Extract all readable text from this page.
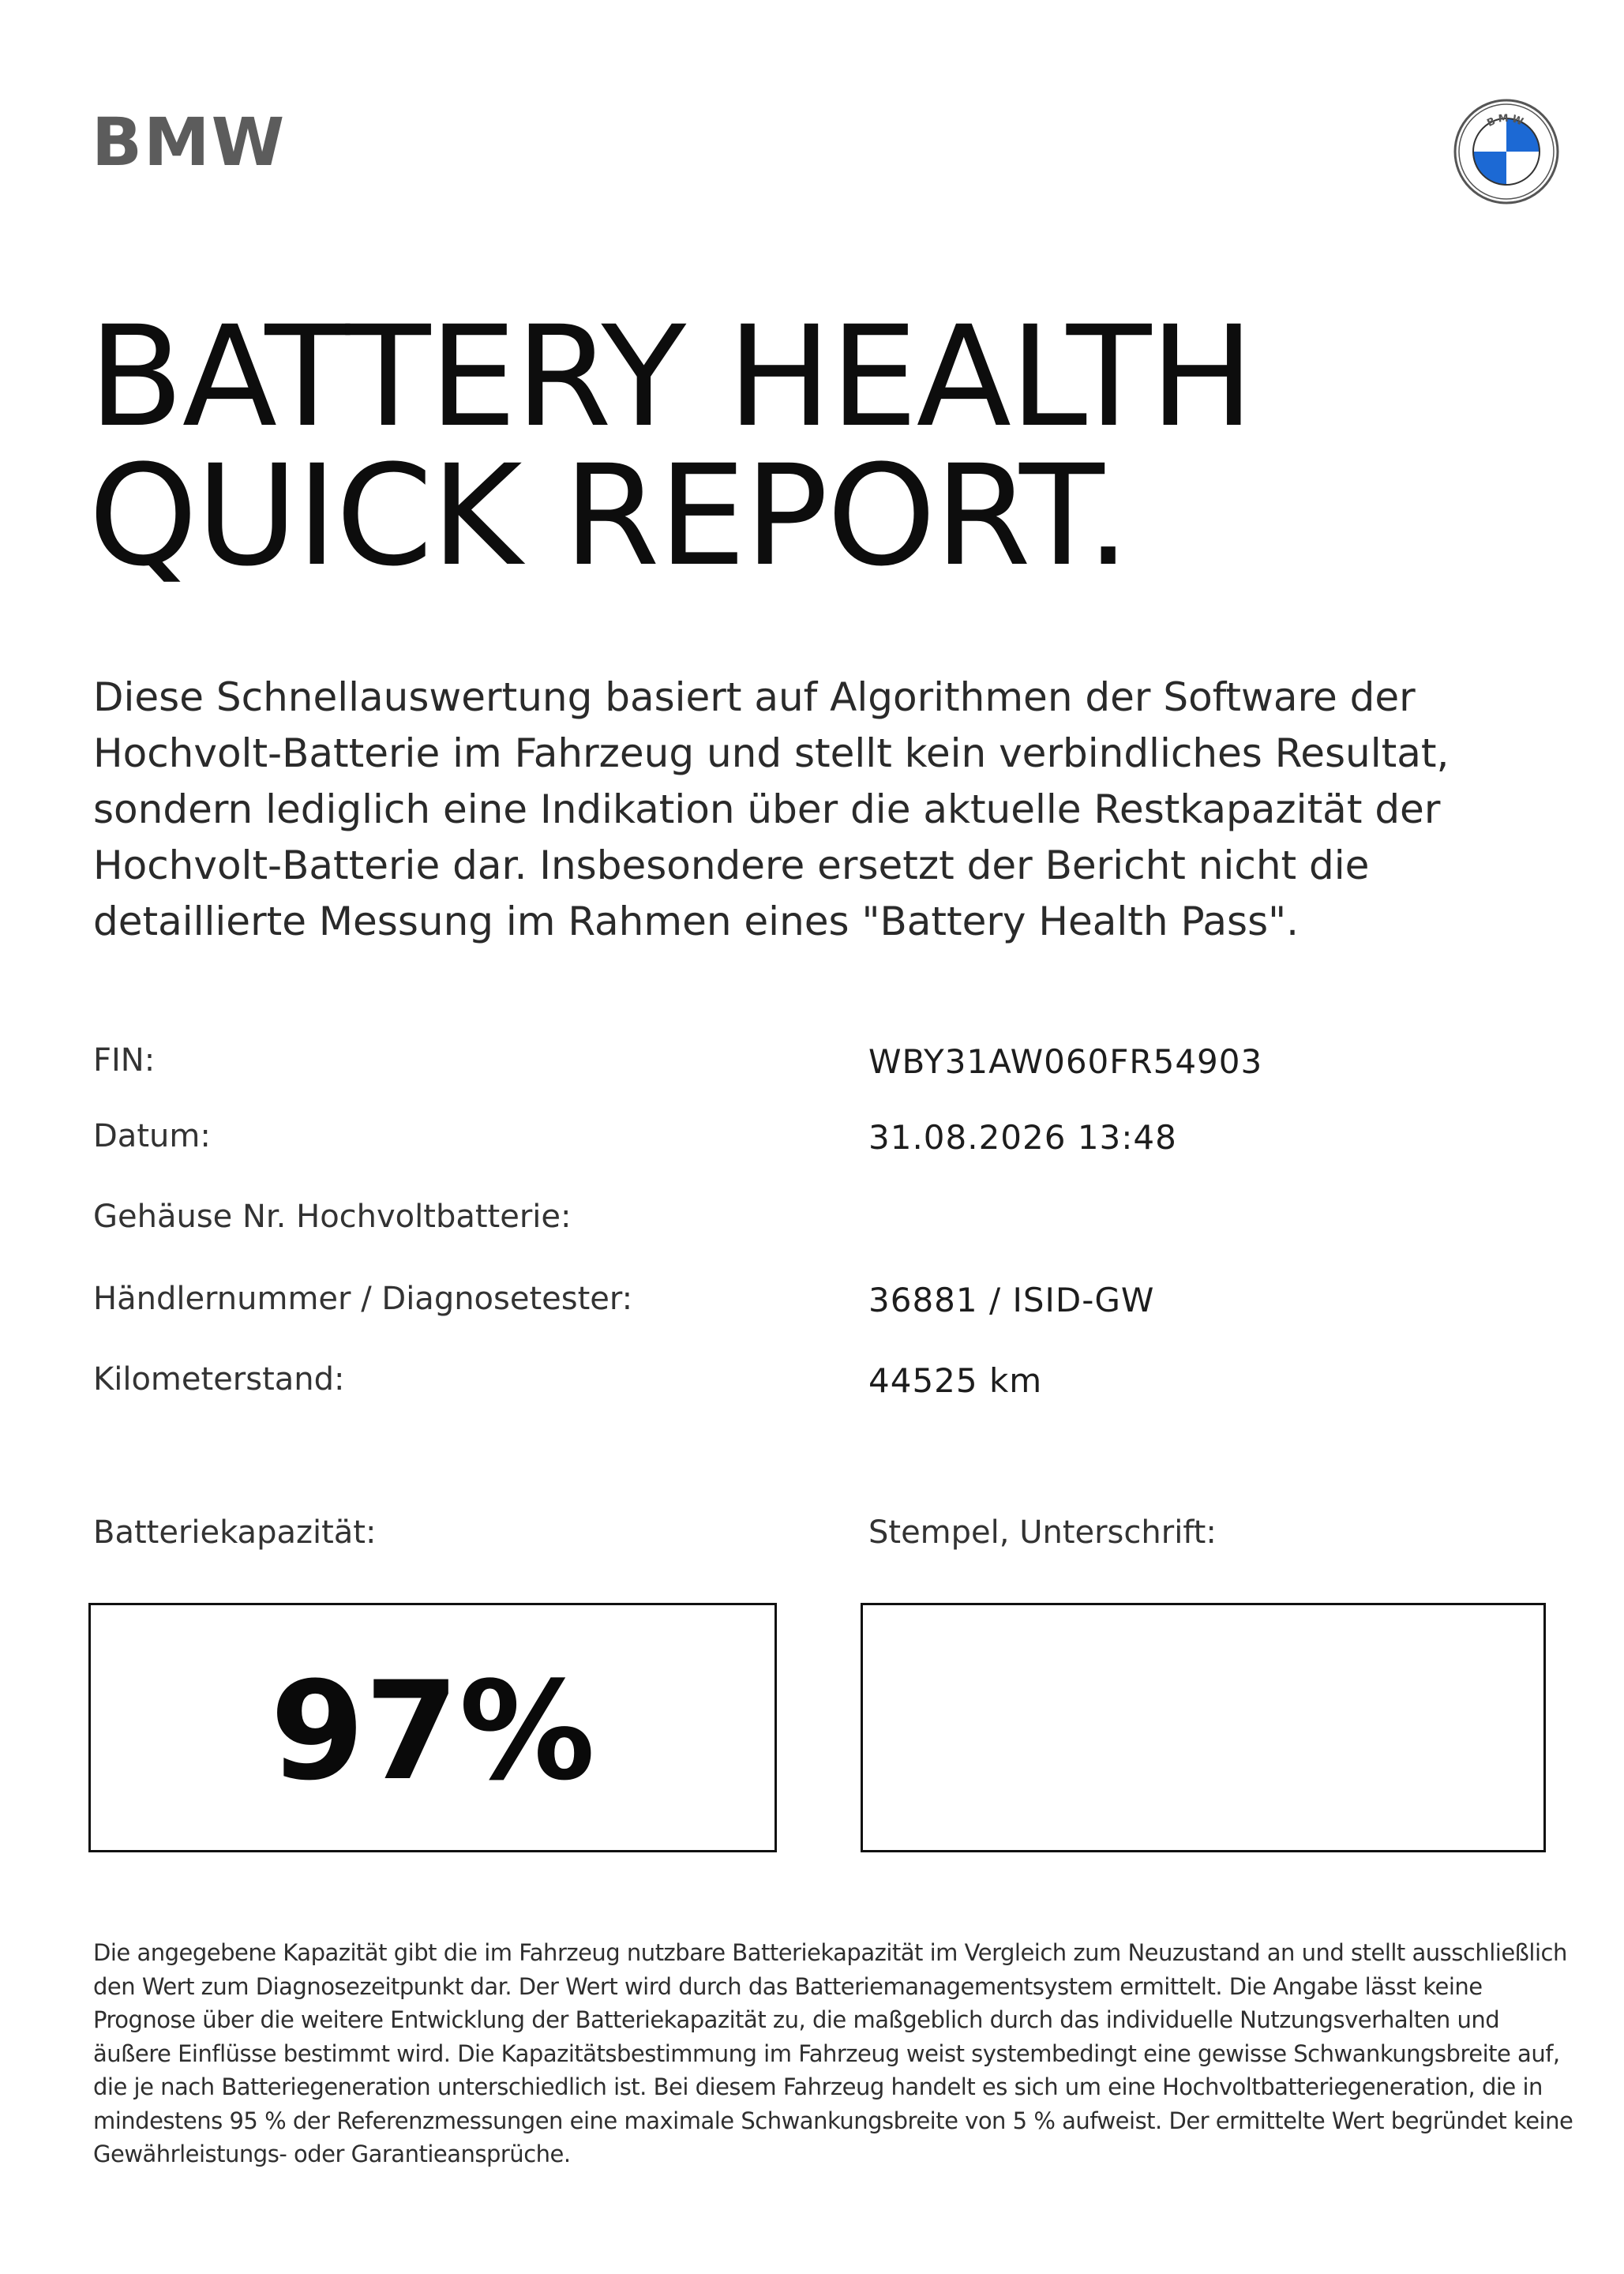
BMW	BMW
BATTERY HEALTH
QUICK REPORT.

Diese Schnellauswertung basiert auf Algorithmen der Software der Hochvolt‑Batterie im Fahrzeug und stellt kein verbindliches Resultat, sondern lediglich eine Indikation über die aktuelle Restkapazität der Hochvolt‑Batterie dar. Insbesondere ersetzt der Bericht nicht die detaillierte Messung im Rahmen eines "Battery Health Pass".

FIN:	WBY31AW060FR54903
Datum:	31.08.2026 13:48
Gehäuse Nr. Hochvoltbatterie:
Händlernummer / Diagnosetester:	36881 / ISID‑GW
Kilometerstand:	44525 km
Batteriekapazität:	Stempel, Unterschrift:
97%

Die angegebene Kapazität gibt die im Fahrzeug nutzbare Batteriekapazität im Vergleich zum Neuzustand an und stellt ausschließlich den Wert zum Diagnosezeitpunkt dar. Der Wert wird durch das Batteriemanagementsystem ermittelt. Die Angabe lässt keine Prognose über die weitere Entwicklung der Batteriekapazität zu, die maßgeblich durch das individuelle Nutzungsverhalten und äußere Einflüsse bestimmt wird. Die Kapazitätsbestimmung im Fahrzeug weist systembedingt eine gewisse Schwankungsbreite auf, die je nach Batteriegeneration unterschiedlich ist. Bei diesem Fahrzeug handelt es sich um eine Hochvoltbatteriegeneration, die in mindestens 95 % der Referenzmessungen eine maximale Schwankungsbreite von 5 % aufweist. Der ermittelte Wert begründet keine Gewährleistungs‑ oder Garantieansprüche.
